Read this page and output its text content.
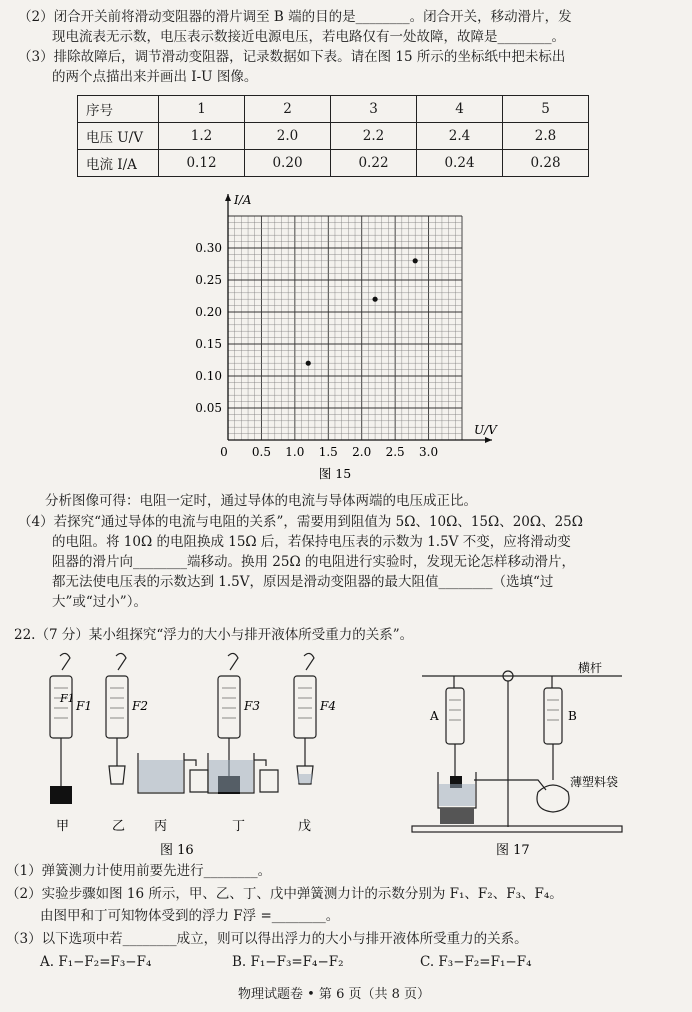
（2）闭合开关前将滑动变阻器的滑片调至 B 端的目的是________。闭合开关，移动滑片，发
现电流表无示数，电压表示数接近电源电压，若电路仅有一处故障，故障是________。
（3）排除故障后，调节滑动变阻器，记录数据如下表。请在图 15 所示的坐标纸中把未标出
的两个点描出来并画出 I-U 图像。
序号	1	2	3	4	5
电压 U/V	1.2	2.0	2.2	2.4	2.8
电流 I/A	0.12	0.20	0.22	0.24	0.28
0.5 1.0 1.5 2.0 2.5 3.0
0.05
0.10
0.15
0.20
0.25
0.30
0
I/A
U/V
图 15
分析图像可得：电阻一定时，通过导体的电流与导体两端的电压成正比。
（4）若探究“通过导体的电流与电阻的关系”，需要用到阻值为 5Ω、10Ω、15Ω、20Ω、25Ω
的电阻。将 10Ω 的电阻换成 15Ω 后，若保持电压表的示数为 1.5V 不变，应将滑动变
阻器的滑片向________端移动。换用 25Ω 的电阻进行实验时，发现无论怎样移动滑片，
都无法使电压表的示数达到 1.5V，原因是滑动变阻器的最大阻值________（选填“过
大”或“过小”）。
22.（7 分）某小组探究“浮力的大小与排开液体所受重力的关系”。
F1
F1	F2	F3	F4
甲	乙 丙	丁	戊
图 16
横杆
A	B
薄塑料袋
图 17
（1）弹簧测力计使用前要先进行________。
（2）实验步骤如图 16 所示，甲、乙、丁、戊中弹簧测力计的示数分别为 F₁、F₂、F₃、F₄。
由图甲和丁可知物体受到的浮力 F浮 =________。
（3）以下选项中若________成立，则可以得出浮力的大小与排开液体所受重力的关系。
A. F₁−F₂=F₃−F₄	B. F₁−F₃=F₄−F₂	C. F₃−F₂=F₁−F₄
物理试题卷 • 第 6 页（共 8 页）
